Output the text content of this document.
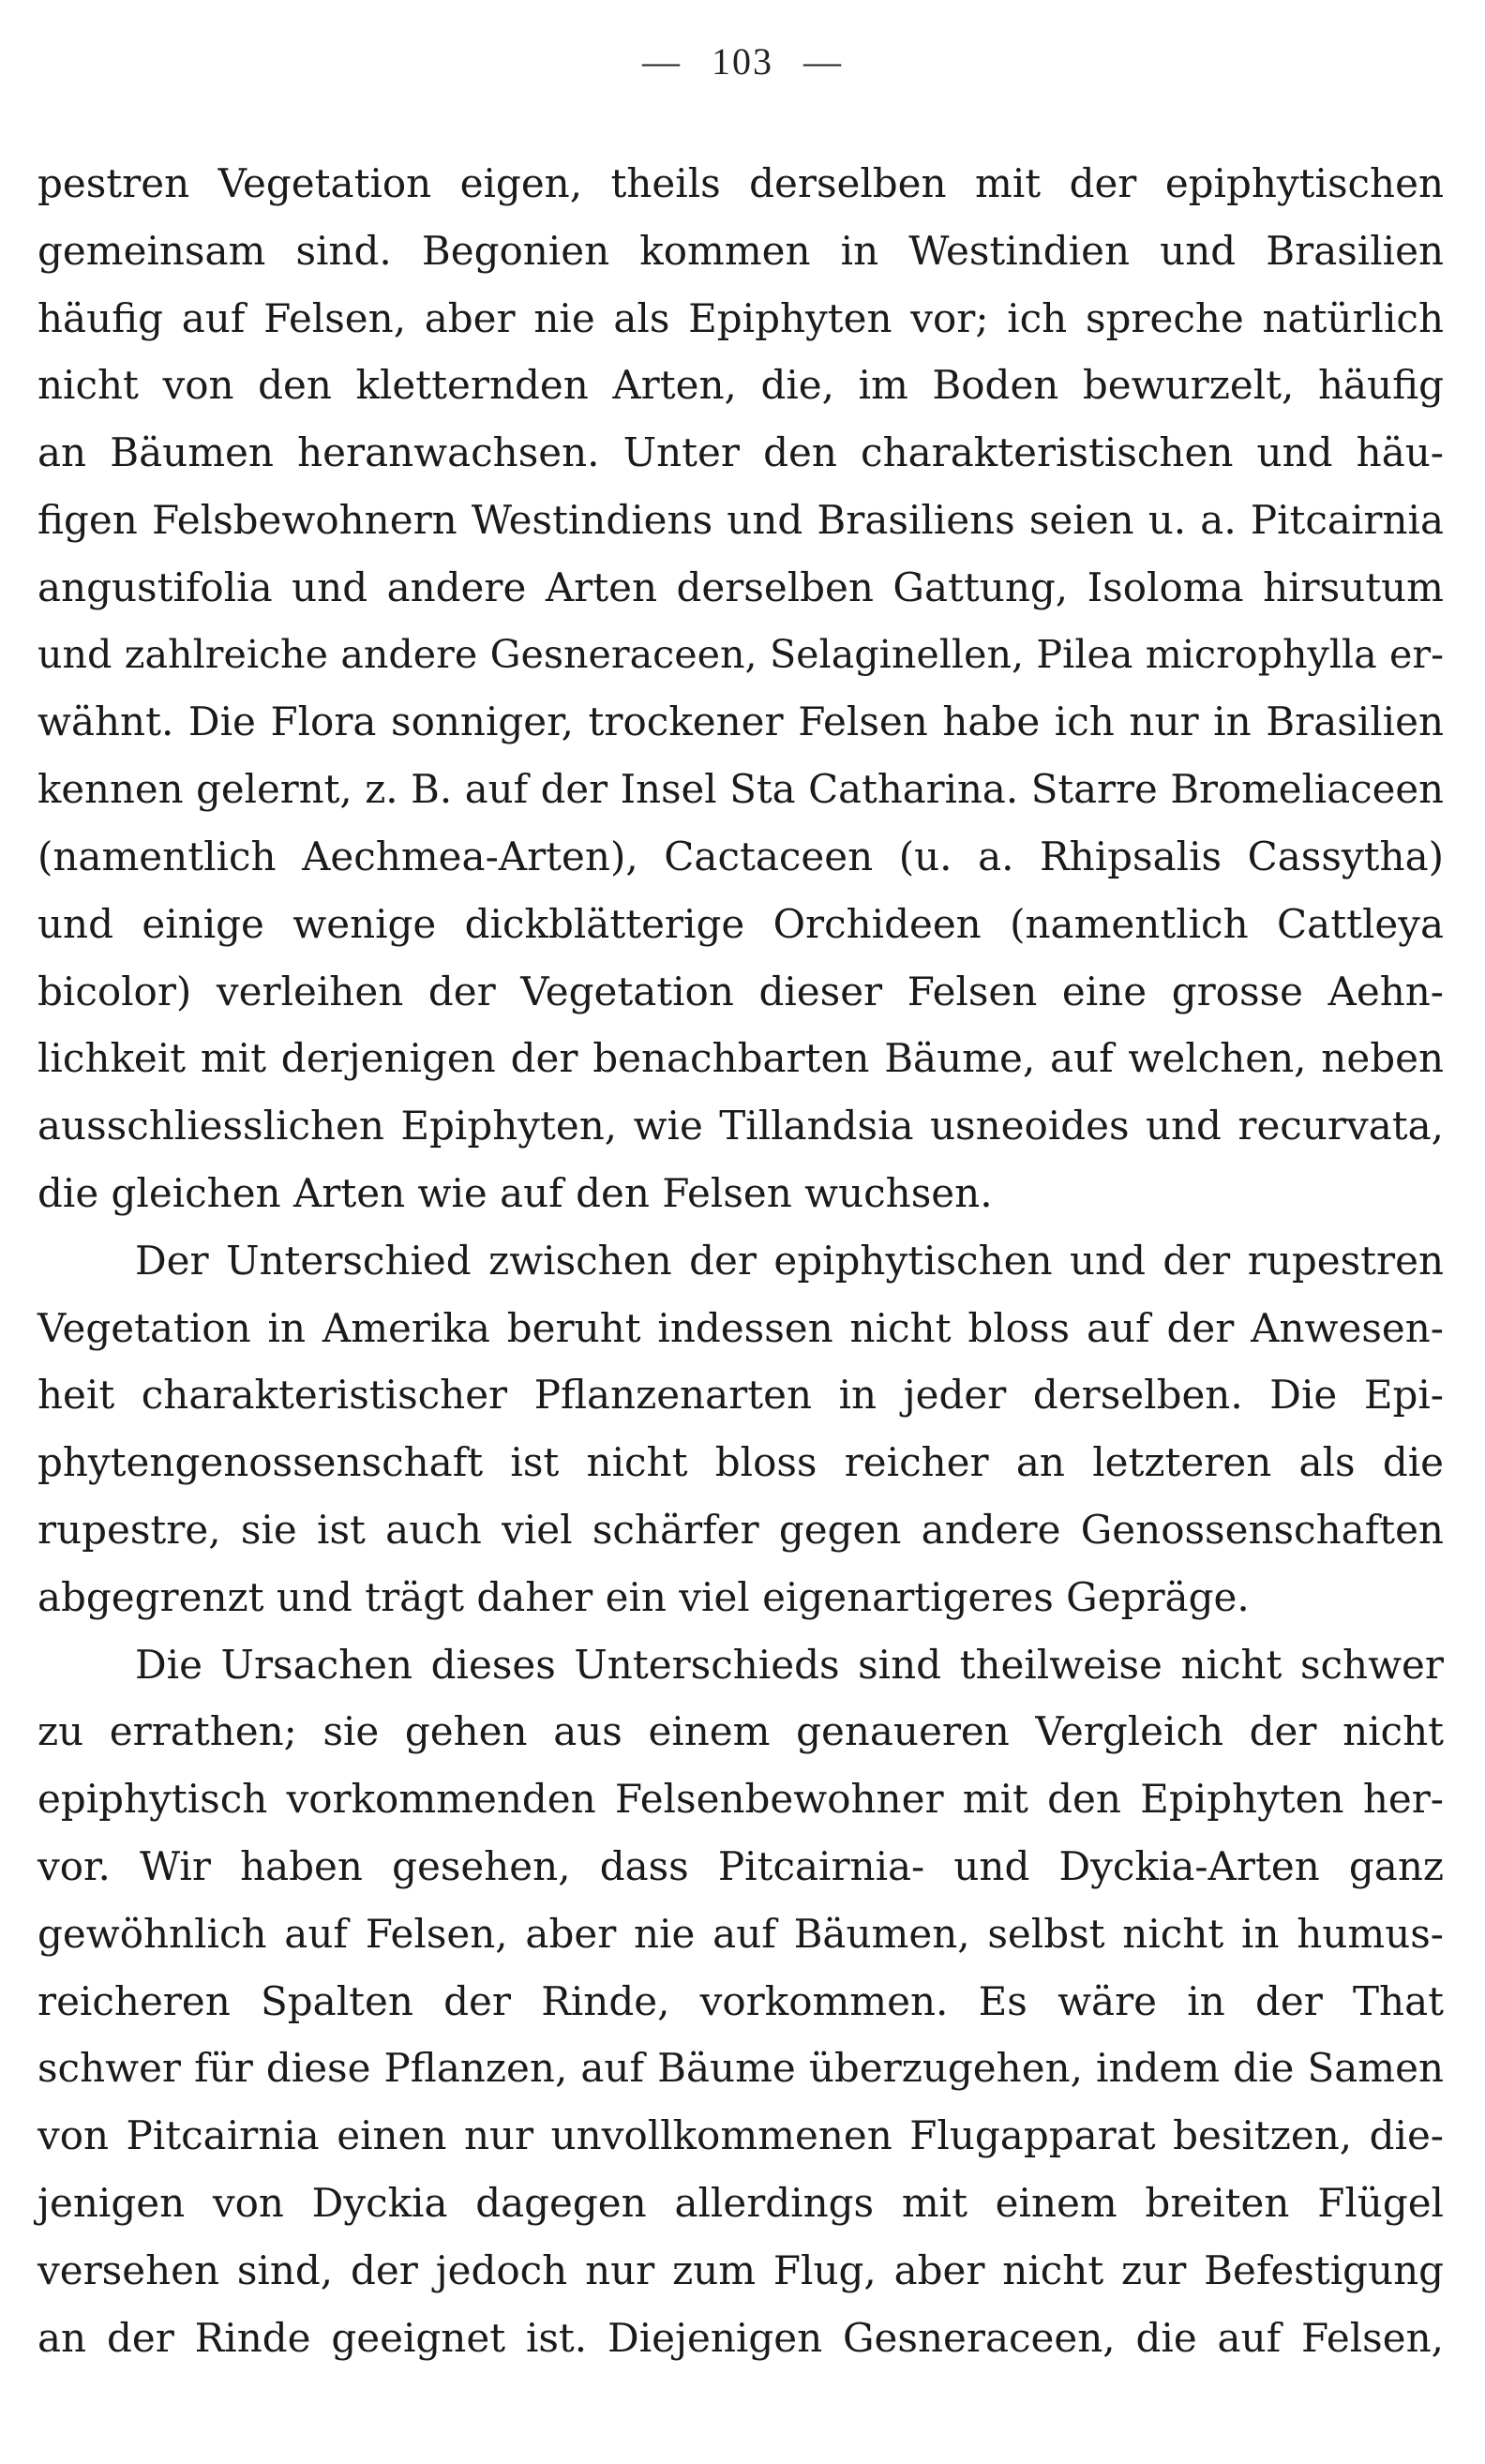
— 103 —
pestren Vegetation eigen, theils derselben mit der epiphytischen
gemeinsam sind. Begonien kommen in Westindien und Brasilien
häufig auf Felsen, aber nie als Epiphyten vor; ich spreche natürlich
nicht von den kletternden Arten, die, im Boden bewurzelt, häufig
an Bäumen heranwachsen. Unter den charakteristischen und häu-
figen Felsbewohnern Westindiens und Brasiliens seien u. a. Pitcairnia
angustifolia und andere Arten derselben Gattung, Isoloma hirsutum
und zahlreiche andere Gesneraceen, Selaginellen, Pilea microphylla er-
wähnt. Die Flora sonniger, trockener Felsen habe ich nur in Brasilien
kennen gelernt, z. B. auf der Insel Sta Catharina. Starre Bromeliaceen
(namentlich Aechmea-Arten), Cactaceen (u. a. Rhipsalis Cassytha)
und einige wenige dickblätterige Orchideen (namentlich Cattleya
bicolor) verleihen der Vegetation dieser Felsen eine grosse Aehn-
lichkeit mit derjenigen der benachbarten Bäume, auf welchen, neben
ausschliesslichen Epiphyten, wie Tillandsia usneoides und recurvata,
die gleichen Arten wie auf den Felsen wuchsen.
Der Unterschied zwischen der epiphytischen und der rupestren
Vegetation in Amerika beruht indessen nicht bloss auf der Anwesen-
heit charakteristischer Pflanzenarten in jeder derselben. Die Epi-
phytengenossenschaft ist nicht bloss reicher an letzteren als die
rupestre, sie ist auch viel schärfer gegen andere Genossenschaften
abgegrenzt und trägt daher ein viel eigenartigeres Gepräge.
Die Ursachen dieses Unterschieds sind theilweise nicht schwer
zu errathen; sie gehen aus einem genaueren Vergleich der nicht
epiphytisch vorkommenden Felsenbewohner mit den Epiphyten her-
vor. Wir haben gesehen, dass Pitcairnia- und Dyckia-Arten ganz
gewöhnlich auf Felsen, aber nie auf Bäumen, selbst nicht in humus-
reicheren Spalten der Rinde, vorkommen. Es wäre in der That
schwer für diese Pflanzen, auf Bäume überzugehen, indem die Samen
von Pitcairnia einen nur unvollkommenen Flugapparat besitzen, die-
jenigen von Dyckia dagegen allerdings mit einem breiten Flügel
versehen sind, der jedoch nur zum Flug, aber nicht zur Befestigung
an der Rinde geeignet ist. Diejenigen Gesneraceen, die auf Felsen,
